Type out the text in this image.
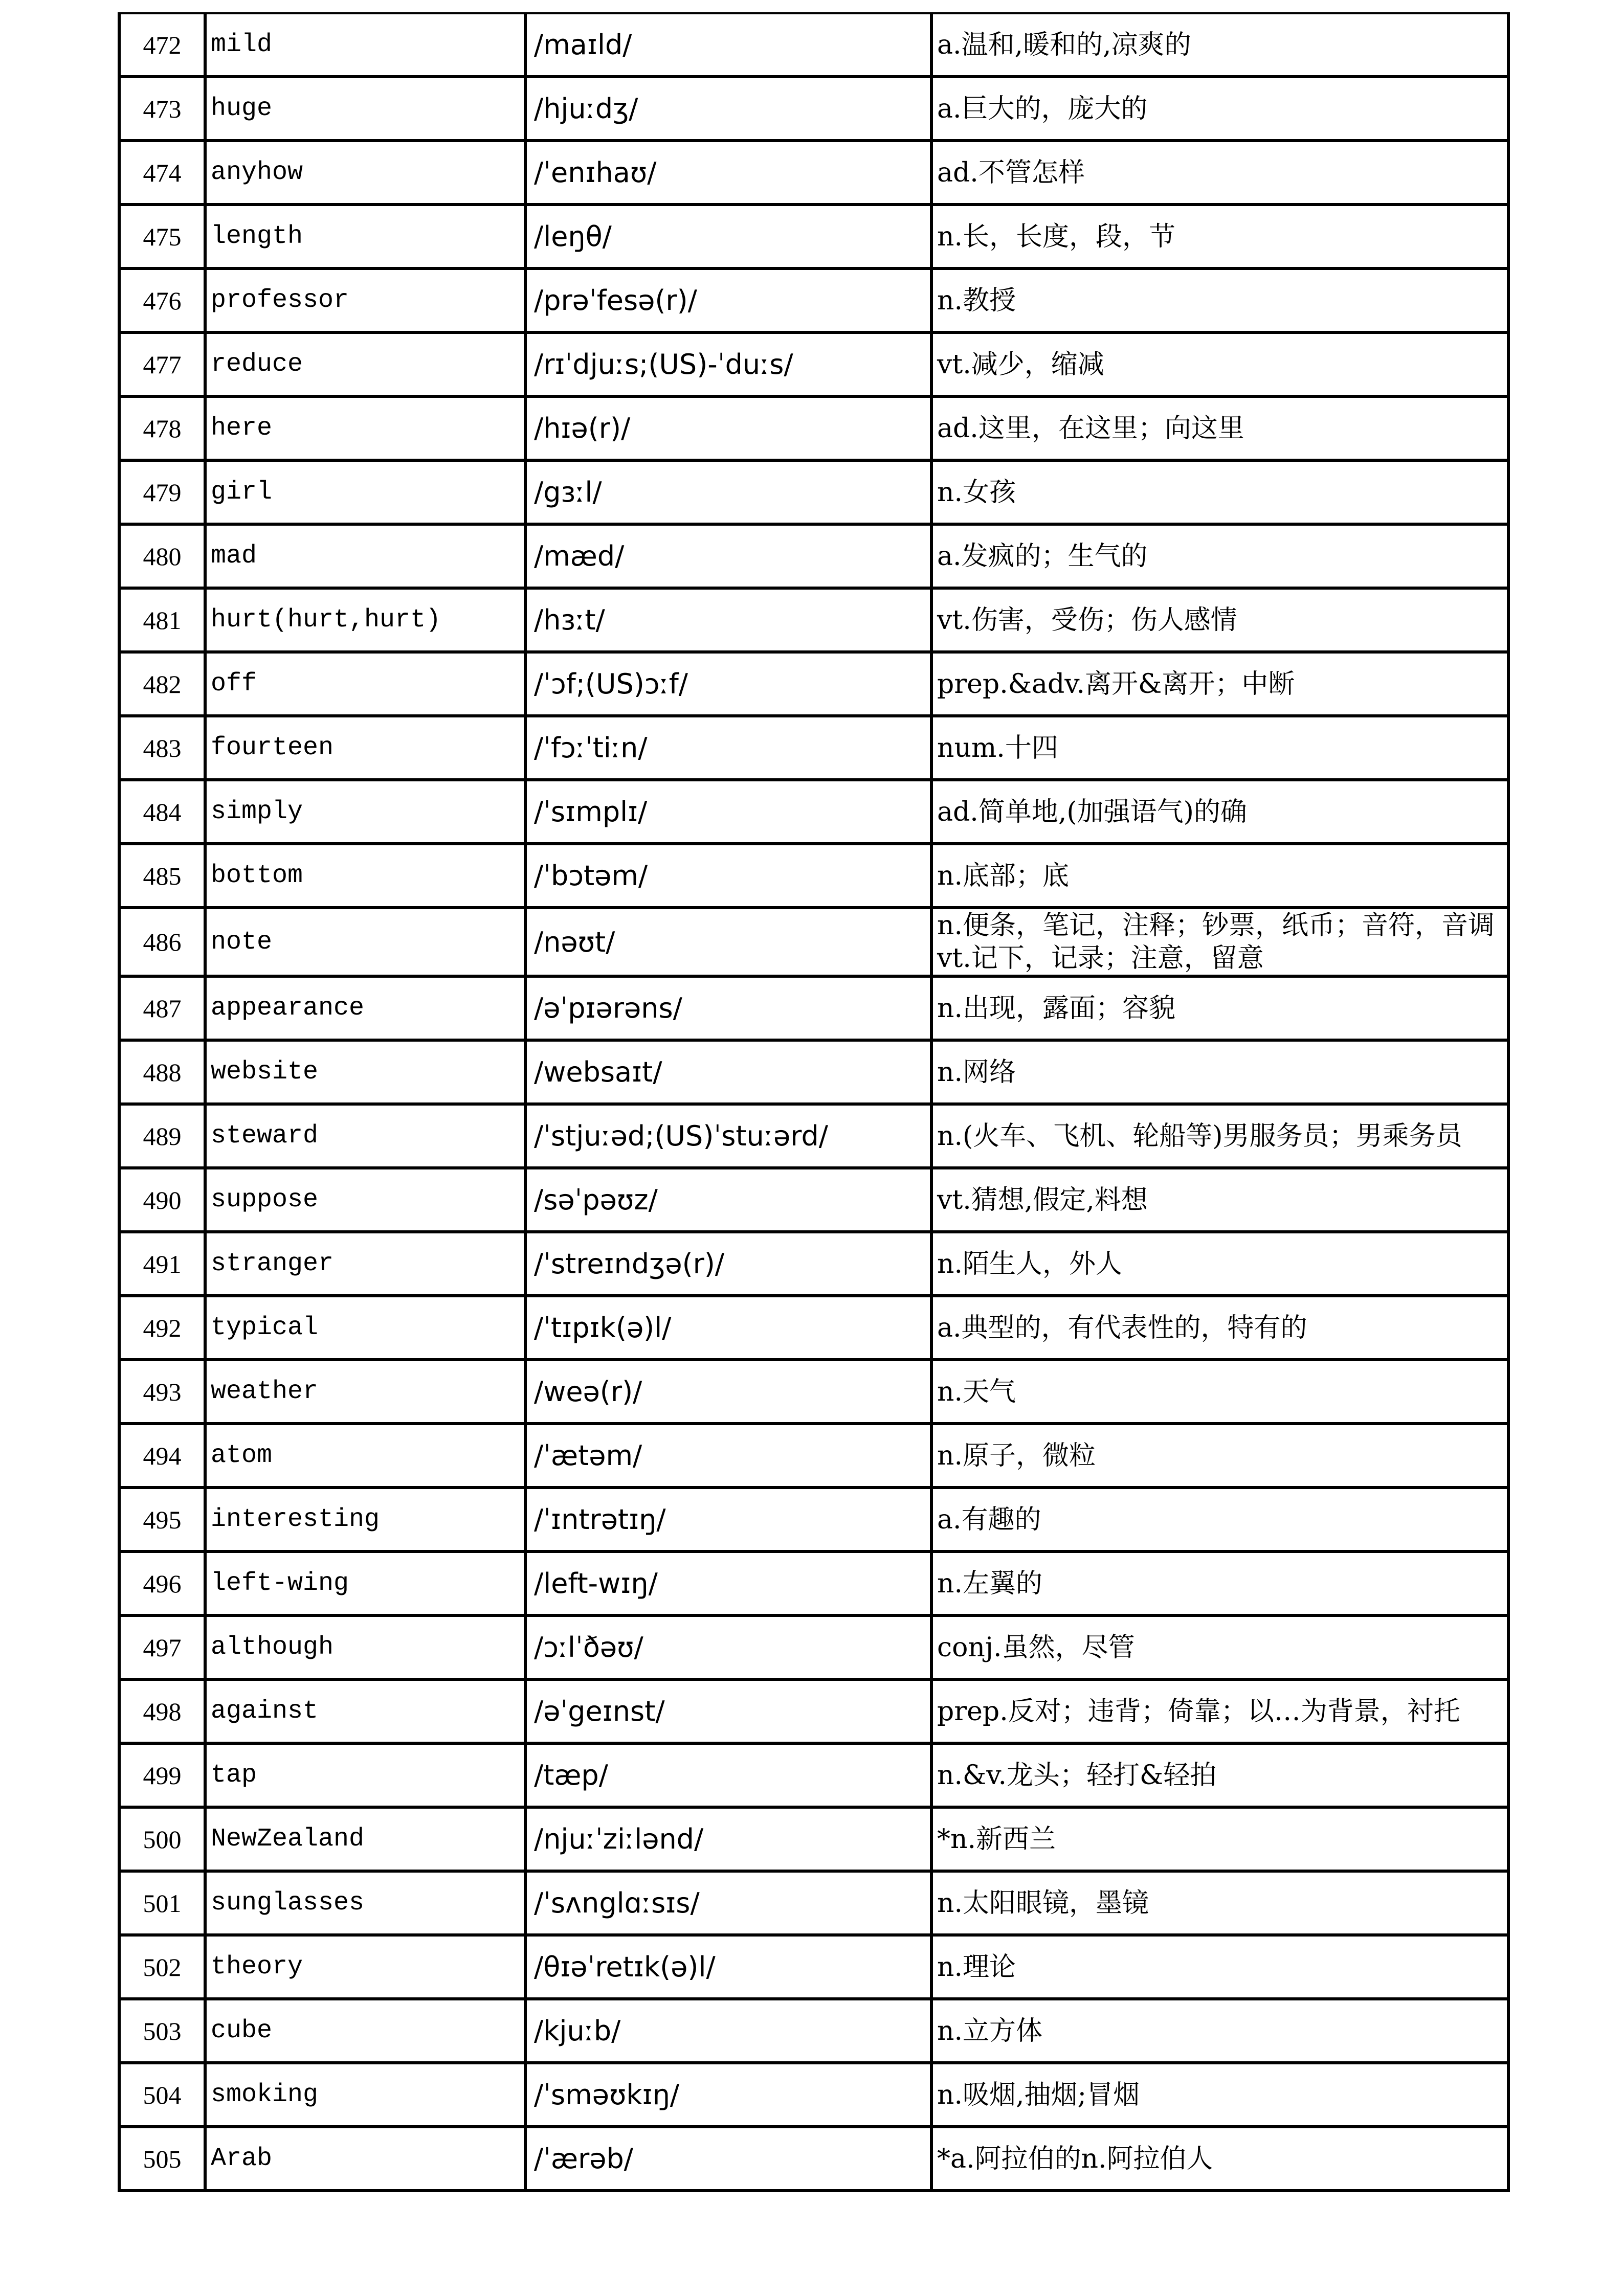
472	mild	/maɪld/	a.温和,暖和的,凉爽的

473	huge	/hjuːdʒ/	a.巨大的，庞大的

474	anyhow	/ˈenɪhaʊ/	ad.不管怎样

475	length	/leŋθ/	n.长，长度，段，节

476	professor	/prəˈfesə(r)/	n.教授

477	reduce	/rɪˈdjuːs;(US)-ˈduːs/	vt.减少，缩减

478	here	/hɪə(r)/	ad.这里，在这里；向这里

479	girl	/gɜːl/	n.女孩

480	mad	/mæd/	a.发疯的；生气的

481	hurt(hurt,hurt)	/hɜːt/	vt.伤害，受伤；伤人感情

482	off	/ˈɔf;(US)ɔːf/	prep.&adv.离开&离开；中断

483	fourteen	/ˈfɔːˈtiːn/	num.十四

484	simply	/ˈsɪmplɪ/	ad.简单地,(加强语气)的确

485	bottom	/ˈbɔtəm/	n.底部；底

486	note	/nəʊt/	n.便条，笔记，注释；钞票，纸币；音符，音调
vt.记下，记录；注意，留意

487	appearance	/əˈpɪərəns/	n.出现，露面；容貌

488	website	/websaɪt/	n.网络

489	steward	/ˈstjuːəd;(US)ˈstuːərd/	n.(火车、飞机、轮船等)男服务员；男乘务员

490	suppose	/səˈpəʊz/	vt.猜想,假定,料想

491	stranger	/ˈstreɪndʒə(r)/	n.陌生人，外人

492	typical	/ˈtɪpɪk(ə)l/	a.典型的，有代表性的，特有的

493	weather	/weə(r)/	n.天气

494	atom	/ˈætəm/	n.原子，微粒

495	interesting	/ˈɪntrətɪŋ/	a.有趣的

496	left-wing	/left-wɪŋ/	n.左翼的

497	although	/ɔːlˈðəʊ/	conj.虽然，尽管

498	against	/əˈgeɪnst/	prep.反对；违背；倚靠；以…为背景，衬托

499	tap	/tæp/	n.&v.龙头；轻打&轻拍

500	NewZealand	/njuːˈziːlənd/	*n.新西兰

501	sunglasses	/ˈsʌnglɑːsɪs/	n.太阳眼镜，墨镜

502	theory	/θɪəˈretɪk(ə)l/	n.理论

503	cube	/kjuːb/	n.立方体

504	smoking	/ˈsməʊkɪŋ/	n.吸烟,抽烟;冒烟

505	Arab	/ˈærəb/	*a.阿拉伯的n.阿拉伯人
